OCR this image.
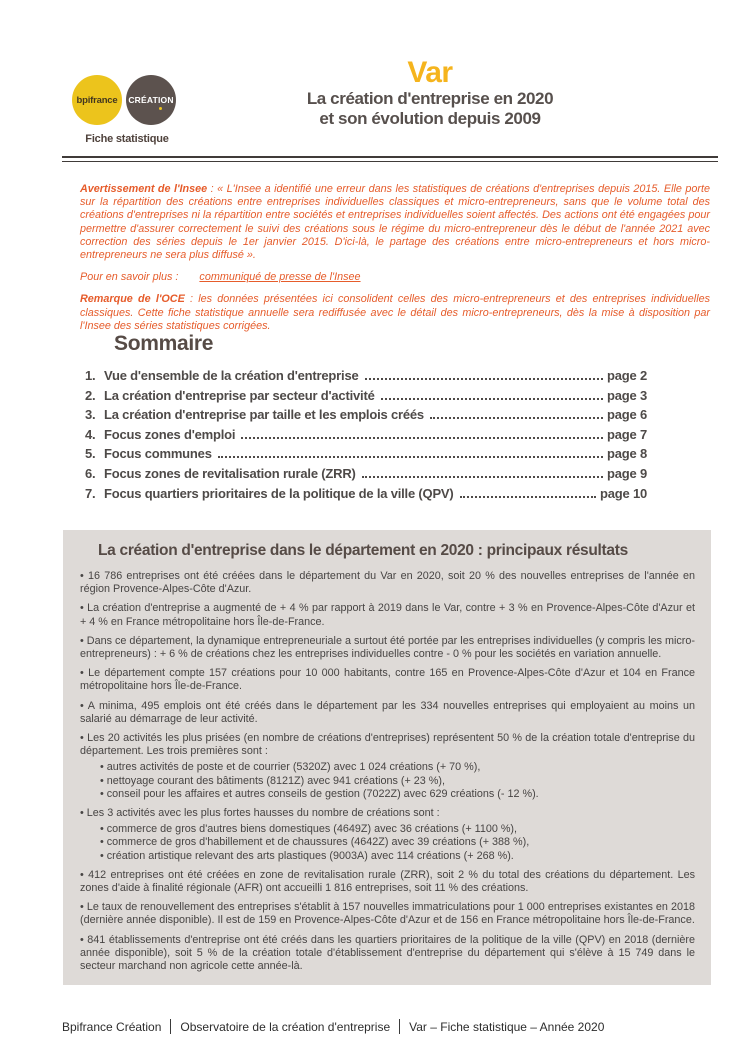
bpifrance CRÉATION
Fiche statistique
Var
La création d'entreprise en 2020
et son évolution depuis 2009

Avertissement de l'Insee : « L'Insee a identifié une erreur dans les statistiques de créations d'entreprises depuis 2015. Elle porte sur la répartition des créations entre entreprises individuelles classiques et micro-entrepreneurs, sans que le volume total des créations d'entreprises ni la répartition entre sociétés et entreprises individuelles soient affectés. Des actions ont été engagées pour permettre d'assurer correctement le suivi des créations sous le régime du micro-entrepreneur dès le début de l'année 2021 avec correction des séries depuis le 1er janvier 2015. D'ici-là, le partage des créations entre micro-entrepreneurs et hors micro-entrepreneurs ne sera plus diffusé ».

Pour en savoir plus : communiqué de presse de l'Insee

Remarque de l'OCE : les données présentées ici consolident celles des micro-entrepreneurs et des entreprises individuelles classiques. Cette fiche statistique annuelle sera rediffusée avec le détail des micro-entrepreneurs, dès la mise à disposition par l'Insee des séries statistiques corrigées.

Sommaire
1. Vue d'ensemble de la création d'entreprise	page 2
2. La création d'entreprise par secteur d'activité	page 3
3. La création d'entreprise par taille et les emplois créés	page 6
4. Focus zones d'emploi	page 7
5. Focus communes	page 8
6. Focus zones de revitalisation rurale (ZRR)	page 9
7. Focus quartiers prioritaires de la politique de la ville (QPV)	page 10
La création d'entreprise dans le département en 2020 : principaux résultats

• 16 786 entreprises ont été créées dans le département du Var en 2020, soit 20 % des nouvelles entreprises de l'année en région Provence-Alpes-Côte d'Azur.

• La création d'entreprise a augmenté de + 4 % par rapport à 2019 dans le Var, contre + 3 % en Provence-Alpes-Côte d'Azur et + 4 % en France métropolitaine hors Île-de-France.

• Dans ce département, la dynamique entrepreneuriale a surtout été portée par les entreprises individuelles (y compris les micro-entrepreneurs) : + 6 % de créations chez les entreprises individuelles contre - 0 % pour les sociétés en variation annuelle.

• Le département compte 157 créations pour 10 000 habitants, contre 165 en Provence-Alpes-Côte d'Azur et 104 en France métropolitaine hors Île-de-France.

• A minima, 495 emplois ont été créés dans le département par les 334 nouvelles entreprises qui employaient au moins un salarié au démarrage de leur activité.

• Les 20 activités les plus prisées (en nombre de créations d'entreprises) représentent 50 % de la création totale d'entreprise du département. Les trois premières sont :

• autres activités de poste et de courrier (5320Z) avec 1 024 créations (+ 70 %),

• nettoyage courant des bâtiments (8121Z) avec 941 créations (+ 23 %),

• conseil pour les affaires et autres conseils de gestion (7022Z) avec 629 créations (- 12 %).

• Les 3 activités avec les plus fortes hausses du nombre de créations sont :

• commerce de gros d'autres biens domestiques (4649Z) avec 36 créations (+ 1100 %),

• commerce de gros d'habillement et de chaussures (4642Z) avec 39 créations (+ 388 %),

• création artistique relevant des arts plastiques (9003A) avec 114 créations (+ 268 %).

• 412 entreprises ont été créées en zone de revitalisation rurale (ZRR), soit 2 % du total des créations du département. Les zones d'aide à finalité régionale (AFR) ont accueilli 1 816 entreprises, soit 11 % des créations.

• Le taux de renouvellement des entreprises s'établit à 157 nouvelles immatriculations pour 1 000 entreprises existantes en 2018 (dernière année disponible). Il est de 159 en Provence-Alpes-Côte d'Azur et de 156 en France métropolitaine hors Île-de-France.

• 841 établissements d'entreprise ont été créés dans les quartiers prioritaires de la politique de la ville (QPV) en 2018 (dernière année disponible), soit 5 % de la création totale d'établissement d'entreprise du département qui s'élève à 15 749 dans le secteur marchand non agricole cette année-là.

Bpifrance Création	Observatoire de la création d'entreprise	Var – Fiche statistique – Année 2020
